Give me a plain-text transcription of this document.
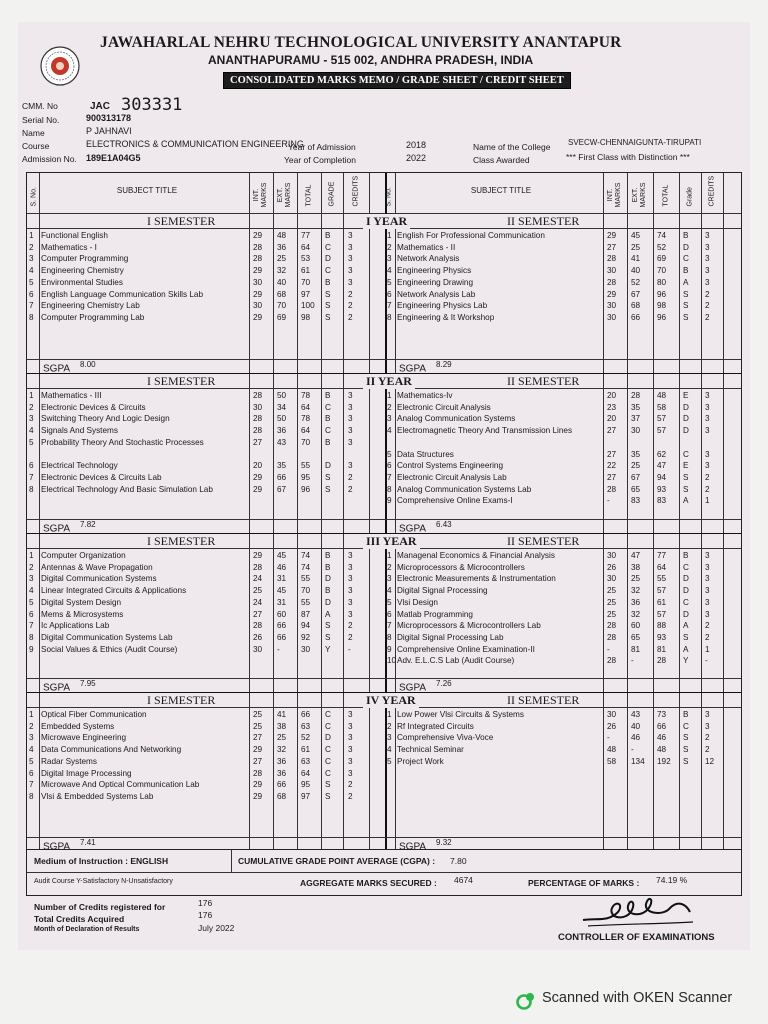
JAWAHARLAL NEHRU TECHNOLOGICAL UNIVERSITY ANANTAPUR
ANANTHAPURAMU - 515 002, ANDHRA PRADESH, INDIA
CONSOLIDATED MARKS MEMO / GRADE SHEET / CREDIT SHEET
CMM. No	JAC 303331
Serial No.	900313178
Name	P JAHNAVI
Course	ELECTRONICS & COMMUNICATION ENGINEERING
Admission No. 189E1A04G5
Year of Admission	2018
Year of Completion	2022
Name of the College SVECW-CHENNAIGUNTA-TIRUPATI
Class Awarded	*** First Class with Distinction ***
S. No.	SUBJECT TITLE	INT. MARKS EXT. MARKS TOTAL GRADE CREDITS	S. No.	SUBJECT TITLE	INT. MARKS EXT. MARKS TOTAL Grade CREDITS
I SEMESTER	I YEAR	II SEMESTER
SGPA $^{8.00}$	SGPA $^{8.29}$
1 Functional English	29 48 77 B 3
2 Mathematics - I	28 36 64 C 3
3 Computer Programming	28 25 53 D 3
4 Engineering Chemistry	29 32 61 C 3
5 Environmental Studies	30 40 70 B 3
6 English Language Communication Skills Lab	29 68 97 S 2
7 Engineering Chemistry Lab	30 70 100 S 2
8 Computer Programming Lab	29 69 98 S 2
1 English For Professional Communication	29 45 74 B 3
2 Mathematics - II	27 25 52 D 3
3 Network Analysis	28 41 69 C 3
4 Engineering Physics	30 40 70 B 3
5 Engineering Drawing	28 52 80 A 3
6 Network Analysis Lab	29 67 96 S 2
7 Engineering Physics Lab	30 68 98 S 2
8 Engineering & It Workshop	30 66 96 S 2
I SEMESTER	II YEAR	II SEMESTER
SGPA $^{7.82}$	SGPA $^{6.43}$
1 Mathematics - III	28 50 78 B 3
2 Electronic Devices & Circuits	30 34 64 C 3
3 Switching Theory And Logic Design	28 50 78 B 3
4 Signals And Systems	28 36 64 C 3
5 Probability Theory And Stochastic Processes	27 43 70 B 3
6 Electrical Technology	20 35 55 D 3
7 Electronic Devices & Circuits Lab	29 66 95 S 2
8 Electrical Technology And Basic Simulation Lab	29 67 96 S 2
1 Mathematics-Iv	20 28 48 E 3
2 Electronic Circuit Analysis	23 35 58 D 3
3 Analog Communication Systems	20 37 57 D 3
4 Electromagnetic Theory And Transmission Lines	27 30 57 D 3
5 Data Structures	27 35 62 C 3
6 Control Systems Engineering	22 25 47 E 3
7 Electronic Circuit Analysis Lab	27 67 94 S 2
8 Analog Communication Systems Lab	28 65 93 S 2
9 Comprehensive Online Exams-I	-	83 83 A 1
I SEMESTER	III YEAR	II SEMESTER
SGPA $^{7.95}$	SGPA $^{7.26}$
1 Computer Organization	29 45 74 B 3
2 Antennas & Wave Propagation	28 46 74 B 3
3 Digital Communication Systems	24 31 55 D 3
4 Linear Integrated Circuits & Applications	25 45 70 B 3
5 Digital System Design	24 31 55 D 3
6 Mems & Microsystems	27 60 87 A 3
7 Ic Applications Lab	28 66 94 S 2
8 Digital Communication Systems Lab	26 66 92 S 2
9 Social Values & Ethics (Audit Course)	30 -	30 Y -
1 Managenal Economics & Financial Analysis	30 47 77 B 3
2 Microprocessors & Microcontrollers	26 38 64 C 3
3 Electronic Measurements & Instrumentation	30 25 55 D 3
4 Digital Signal Processing	25 32 57 D 3
5 Vlsi Design	25 36 61 C 3
6 Matlab Programming	25 32 57 D 3
7 Microprocessors & Microcontrollers Lab	28 60 88 A 2
8 Digital Signal Processing Lab	28 65 93 S 2
9 Comprehensive Online Examination-II	-	81 81 A 1
10 Adv. E.L.C.S Lab (Audit Course)	28 -	28 Y -
I SEMESTER	IV YEAR	II SEMESTER
SGPA $^{7.41}$	SGPA $^{9.32}$
1 Optical Fiber Communication	25 41 66 C 3
2 Embedded Systems	25 38 63 C 3
3 Microwave Engineering	27 25 52 D 3
4 Data Communications And Networking	29 32 61 C 3
5 Radar Systems	27 36 63 C 3
6 Digital Image Processing	28 36 64 C 3
7 Microwave And Optical Communication Lab	29 66 95 S 2
8 Vlsi & Embedded Systems Lab	29 68 97 S 2
1 Low Power Vlsi Circuits & Systems	30 43 73 B 3
2 Rf Integrated Circuits	26 40 66 C 3
3 Comprehensive Viva-Voce	-	46 46 S 2
4 Technical Seminar	48 -	48 S 2
5 Project Work	58 134 192 S 12
Medium of Instruction : ENGLISH
Audit Course Y-Satisfactory N-Unsatisfactory
CUMULATIVE GRADE POINT AVERAGE (CGPA) : 7.80
AGGREGATE MARKS SECURED : 4674	PERCENTAGE OF MARKS : 74.19 %
Number of Credits registered for	176
Total Credits Acquired	176
Month of Declaration of Results	July 2022
CONTROLLER OF EXAMINATIONS
Scanned with OKEN Scanner
